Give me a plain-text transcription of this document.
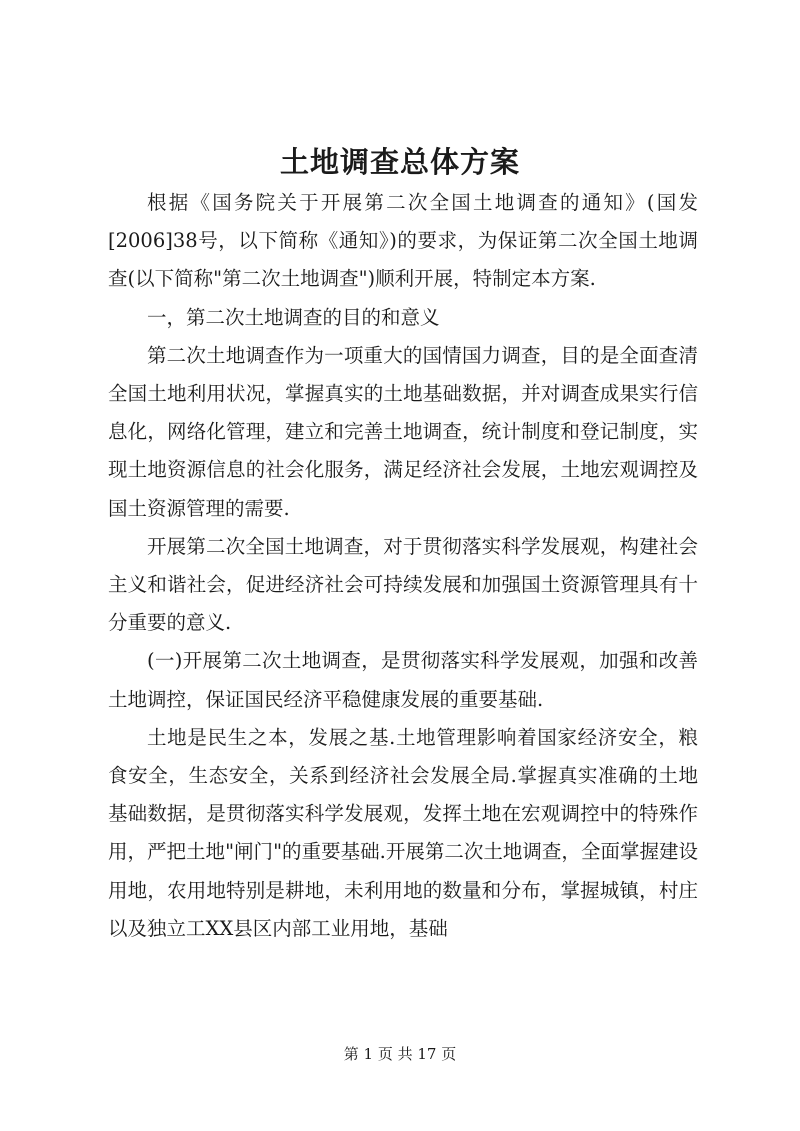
土地调查总体方案

根据《国务院关于开展第二次全国土地调查的通知》(国发[2006]38号，以下简称《通知》)的要求，为保证第二次全国土地调查(以下简称"第二次土地调查")顺利开展，特制定本方案.

一，第二次土地调查的目的和意义

第二次土地调查作为一项重大的国情国力调查，目的是全面查清全国土地利用状况，掌握真实的土地基础数据，并对调查成果实行信息化，网络化管理，建立和完善土地调查，统计制度和登记制度，实现土地资源信息的社会化服务，满足经济社会发展，土地宏观调控及国土资源管理的需要.

开展第二次全国土地调查，对于贯彻落实科学发展观，构建社会主义和谐社会，促进经济社会可持续发展和加强国土资源管理具有十分重要的意义.

(一)开展第二次土地调查，是贯彻落实科学发展观，加强和改善土地调控，保证国民经济平稳健康发展的重要基础.

土地是民生之本，发展之基.土地管理影响着国家经济安全，粮食安全，生态安全，关系到经济社会发展全局.掌握真实准确的土地基础数据，是贯彻落实科学发展观，发挥土地在宏观调控中的特殊作用，严把土地"闸门"的重要基础.开展第二次土地调查，全面掌握建设用地，农用地特别是耕地，未利用地的数量和分布，掌握城镇，村庄以及独立工XX县区内部工业用地，基础

第 1 页 共 17 页
